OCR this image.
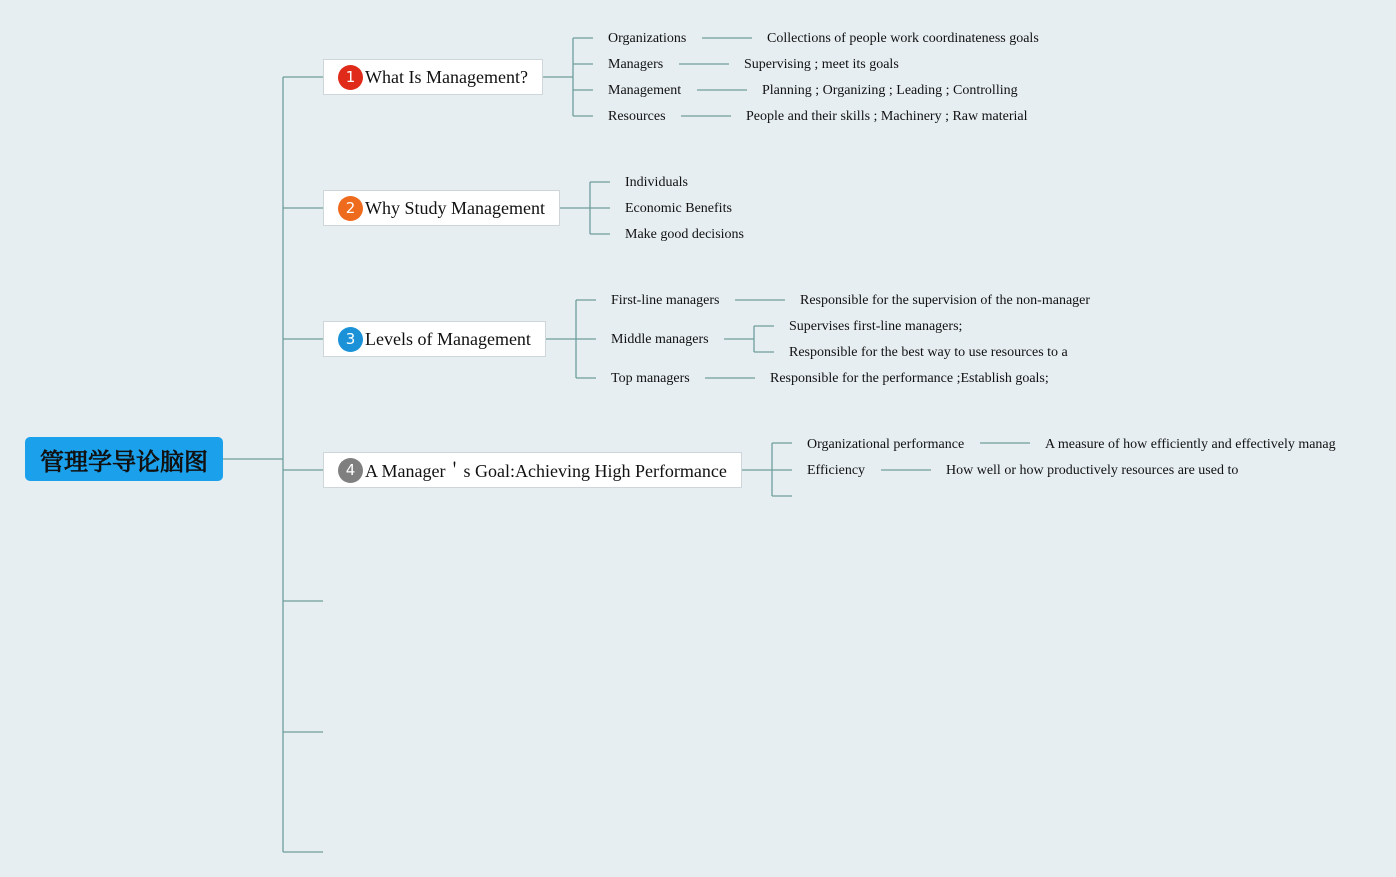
管理学导论脑图
1 What Is Management?
Organizations	Collections of people work coordinateness goals
Managers	Supervising ; meet its goals
Management	Planning ; Organizing ; Leading ; Controlling
Resources	People and their skills ; Machinery ; Raw material
2 Why Study Management
Individuals
Economic Benefits
Make good decisions
3 Levels of Management
First-line managers	Responsible for the supervision of the non-manager
Middle managers
Supervises first-line managers;
Responsible for the best way to use resources to a
Top managers	Responsible for the performance ;Establish goals;
4 A Manager＇s Goal:Achieving High Performance
Organizational performance	A measure of how efficiently and effectively manag
Efficiency	How well or how productively resources are used to
